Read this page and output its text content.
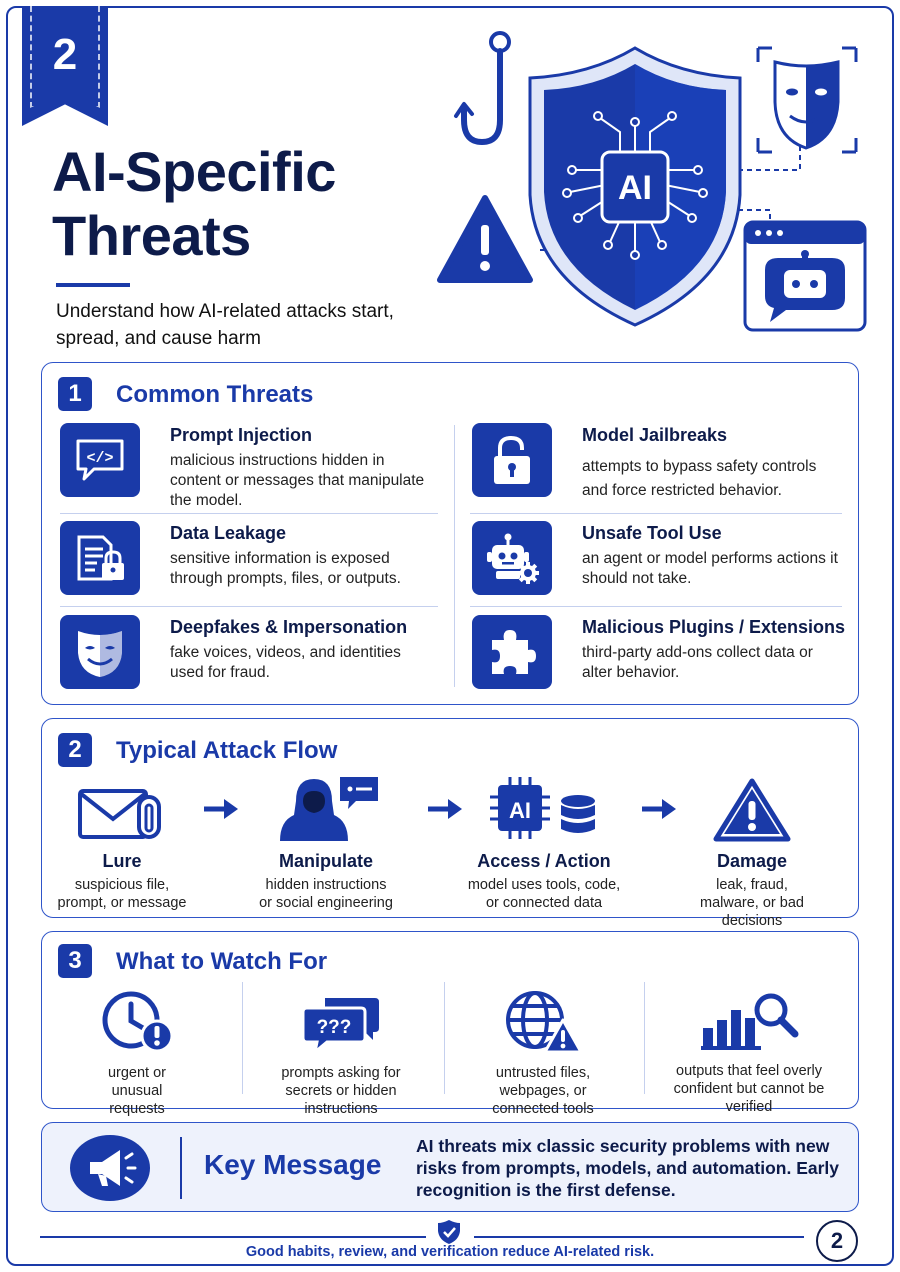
2
AI-Specific Threats
Understand how AI-related attacks start, spread, and cause harm
AI
1	Common Threats
</>
Prompt Injection
malicious instructions hidden in content or messages that manipulate the model.
Model Jailbreaks
attempts to bypass safety controls and force restricted behavior.
Data Leakage
sensitive information is exposed through prompts, files, or outputs.
Unsafe Tool Use
an agent or model performs actions it should not take.
Deepfakes & Impersonation
fake voices, videos, and identities used for fraud.
Malicious Plugins / Extensions
third-party add-ons collect data or alter behavior.
2	Typical Attack Flow
Lure
suspicious file, prompt, or message
Manipulate
hidden instructions or social engineering
AI
Access / Action
model uses tools, code, or connected data
Damage
leak, fraud, malware, or bad decisions
3	What to Watch For
urgent or unusual requests
???
prompts asking for secrets or hidden instructions
untrusted files, webpages, or connected tools
outputs that feel overly confident but cannot be verified
Key Message
AI threats mix classic security problems with new risks from prompts, models, and automation. Early recognition is the first defense.
Good habits, review, and verification reduce AI-related risk.	2
